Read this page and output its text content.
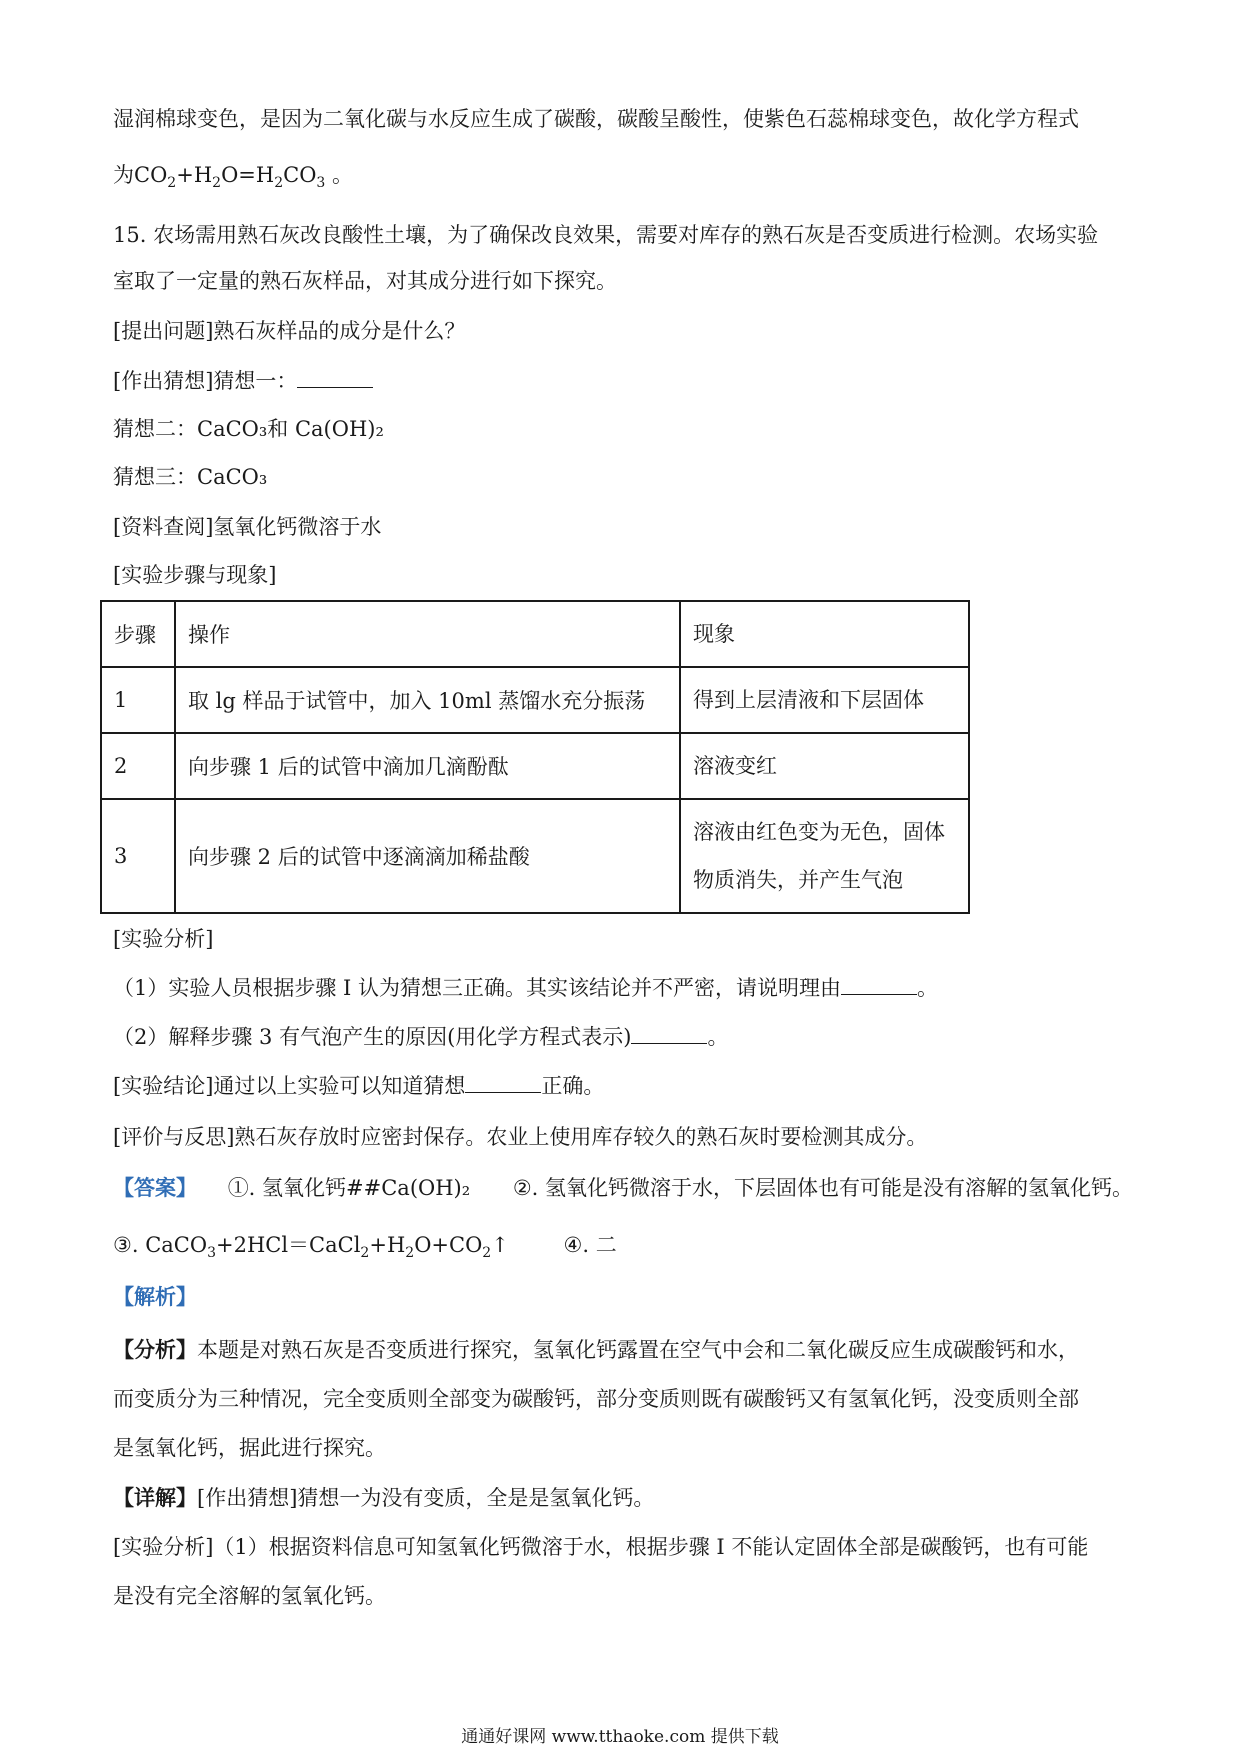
湿润棉球变色，是因为二氧化碳与水反应生成了碳酸，碳酸呈酸性，使紫色石蕊棉球变色，故化学方程式
为$CO_2+H_2O=H_2CO_3$ 。
15. 农场需用熟石灰改良酸性土壤，为了确保改良效果，需要对库存的熟石灰是否变质进行检测。农场实验
室取了一定量的熟石灰样品，对其成分进行如下探究。
[提出问题]熟石灰样品的成分是什么？
[作出猜想]猜想一：
猜想二：CaCO₃和 Ca(OH)₂
猜想三：CaCO₃
[资料查阅]氢氧化钙微溶于水
[实验步骤与现象]
步骤	操作	现象
1	取 lg 样品于试管中，加入 10ml 蒸馏水充分振荡	得到上层清液和下层固体
2	向步骤 1 后的试管中滴加几滴酚酞	溶液变红
3	向步骤 2 后的试管中逐滴滴加稀盐酸	溶液由红色变为无色，固体物质消失，并产生气泡
[实验分析]
（1）实验人员根据步骤 I 认为猜想三正确。其实该结论并不严密，请说明理由	。
（2）解释步骤 3 有气泡产生的原因(用化学方程式表示)	。
[实验结论]通过以上实验可以知道猜想	正确。
[评价与反思]熟石灰存放时应密封保存。农业上使用库存较久的熟石灰时要检测其成分。
【答案】 ①. 氢氧化钙##Ca(OH)₂ ②. 氢氧化钙微溶于水，下层固体也有可能是没有溶解的氢氧化钙。
③. $CaCO_3+2HCl=CaCl_2+H_2O+CO_2↑$	④. 二
【解析】
【分析】本题是对熟石灰是否变质进行探究，氢氧化钙露置在空气中会和二氧化碳反应生成碳酸钙和水，
而变质分为三种情况，完全变质则全部变为碳酸钙，部分变质则既有碳酸钙又有氢氧化钙，没变质则全部
是氢氧化钙，据此进行探究。
【详解】[作出猜想]猜想一为没有变质，全是是氢氧化钙。
[实验分析]（1）根据资料信息可知氢氧化钙微溶于水，根据步骤 I 不能认定固体全部是碳酸钙，也有可能
是没有完全溶解的氢氧化钙。
通通好课网 www.tthaoke.com 提供下载
